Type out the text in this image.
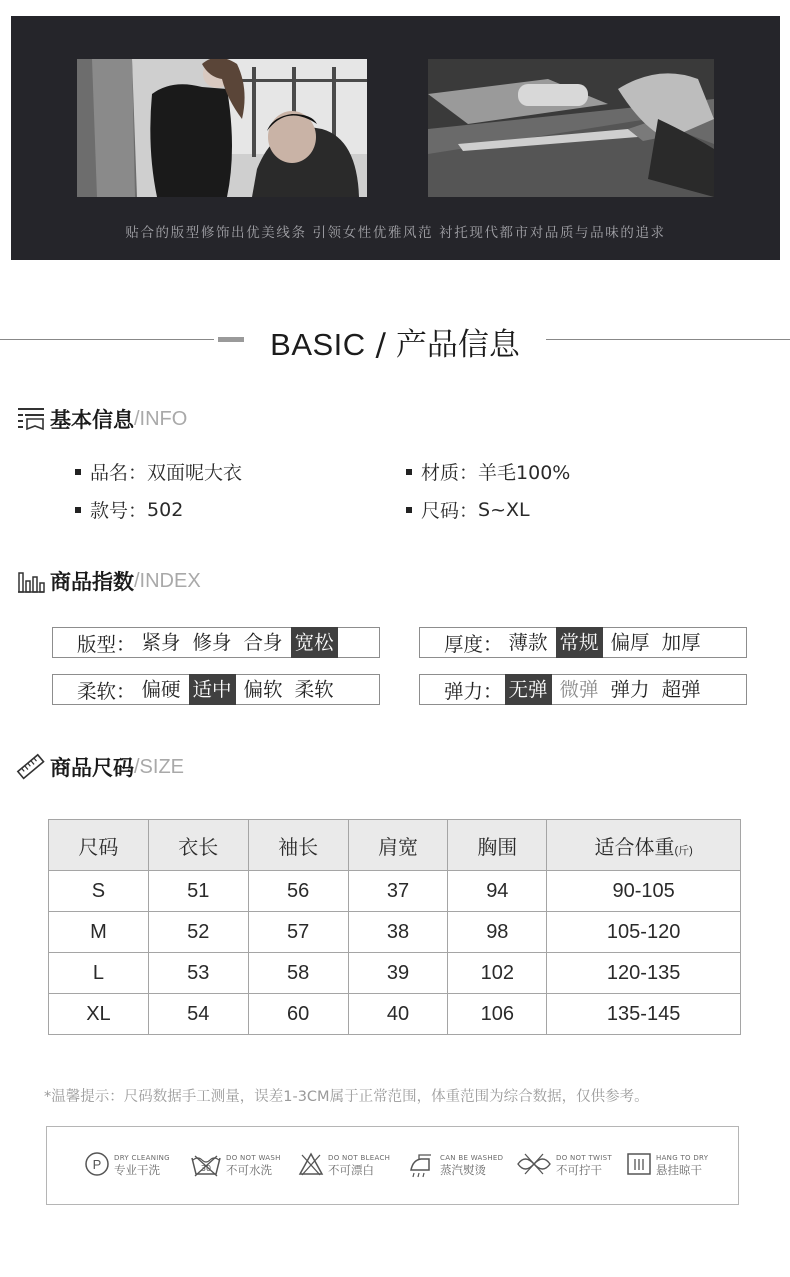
贴合的版型修饰出优美线条 引领女性优雅风范 衬托现代都市对品质与品味的追求
BASIC / 产品信息
基本信息 /INFO
品名： 双面呢大衣	材质： 羊毛100%
款号： 502	尺码： S~XL
商品指数 /INDEX
版型： 紧身 修身 合身 宽松	厚度： 薄款 常规 偏厚 加厚
柔软： 偏硬 适中 偏软 柔软	弹力： 无弹 微弹 弹力 超弹
商品尺码 /SIZE
尺码	衣长	袖长	肩宽	胸围	适合体重(斤)
S	51	56	37	94	90-105
M	52	57	38	98	105-120
L	53	58	39	102	120-135
XL	54	60	40	106	135-145
*温馨提示：尺码数据手工测量，误差1-3CM属于正常范围，体重范围为综合数据，仅供参考。
P DRY CLEANING
专业干洗	30
DO NOT WASH
不可水洗
DO NOT BLEACH
不可漂白
CAN BE WASHED
蒸汽熨烫
DO NOT TWIST
不可拧干
HANG TO DRY
悬挂晾干
